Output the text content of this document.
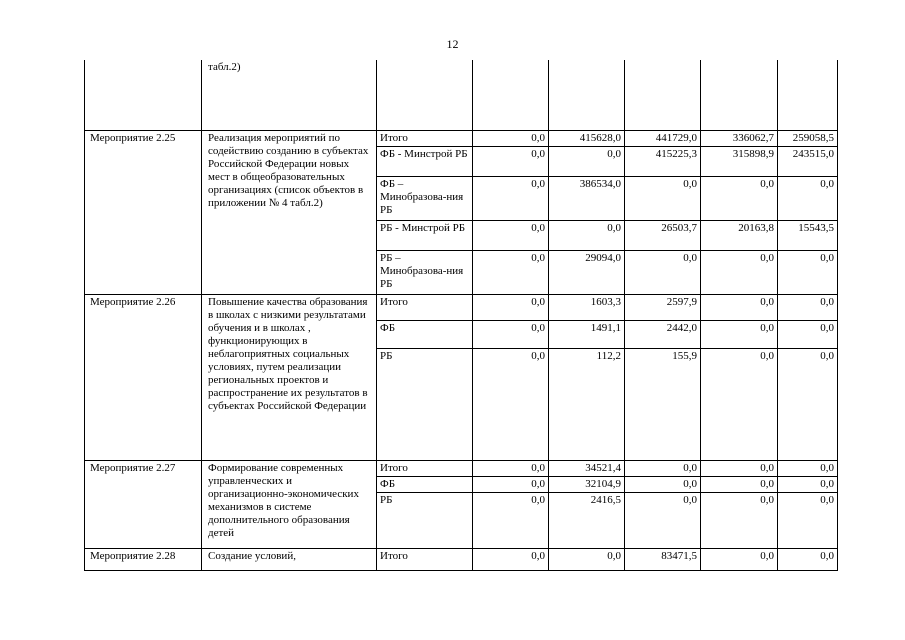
12
	табл.2)						
Мероприятие 2.25	Реализация мероприятий по содействию созданию в субъектах Российской Федерации новых мест в общеобразовательных организациях (список объектов в приложении № 4 табл.2)	Итого	0,0	415628,0	441729,0	336062,7	259058,5
		ФБ - Минстрой РБ	0,0	0,0	415225,3	315898,9	243515,0
		ФБ – Минобразова-ния РБ	0,0	386534,0	0,0	0,0	0,0
		РБ - Минстрой РБ	0,0	0,0	26503,7	20163,8	15543,5
		РБ – Минобразова-ния РБ	0,0	29094,0	0,0	0,0	0,0
Мероприятие 2.26	Повышение качества образования в школах с низкими результатами обучения и в школах , функционирующих в неблагоприятных социальных условиях, путем реализации региональных проектов и распространение их результатов в субъектах Российской Федерации	Итого	0,0	1603,3	2597,9	0,0	0,0
		ФБ	0,0	1491,1	2442,0	0,0	0,0
		РБ	0,0	112,2	155,9	0,0	0,0
Мероприятие 2.27	Формирование современных управленческих и организационно-экономических механизмов в системе дополнительного образования детей	Итого	0,0	34521,4	0,0	0,0	0,0
		ФБ	0,0	32104,9	0,0	0,0	0,0
		РБ	0,0	2416,5	0,0	0,0	0,0
Мероприятие 2.28	Создание условий,	Итого	0,0	0,0	83471,5	0,0	0,0
